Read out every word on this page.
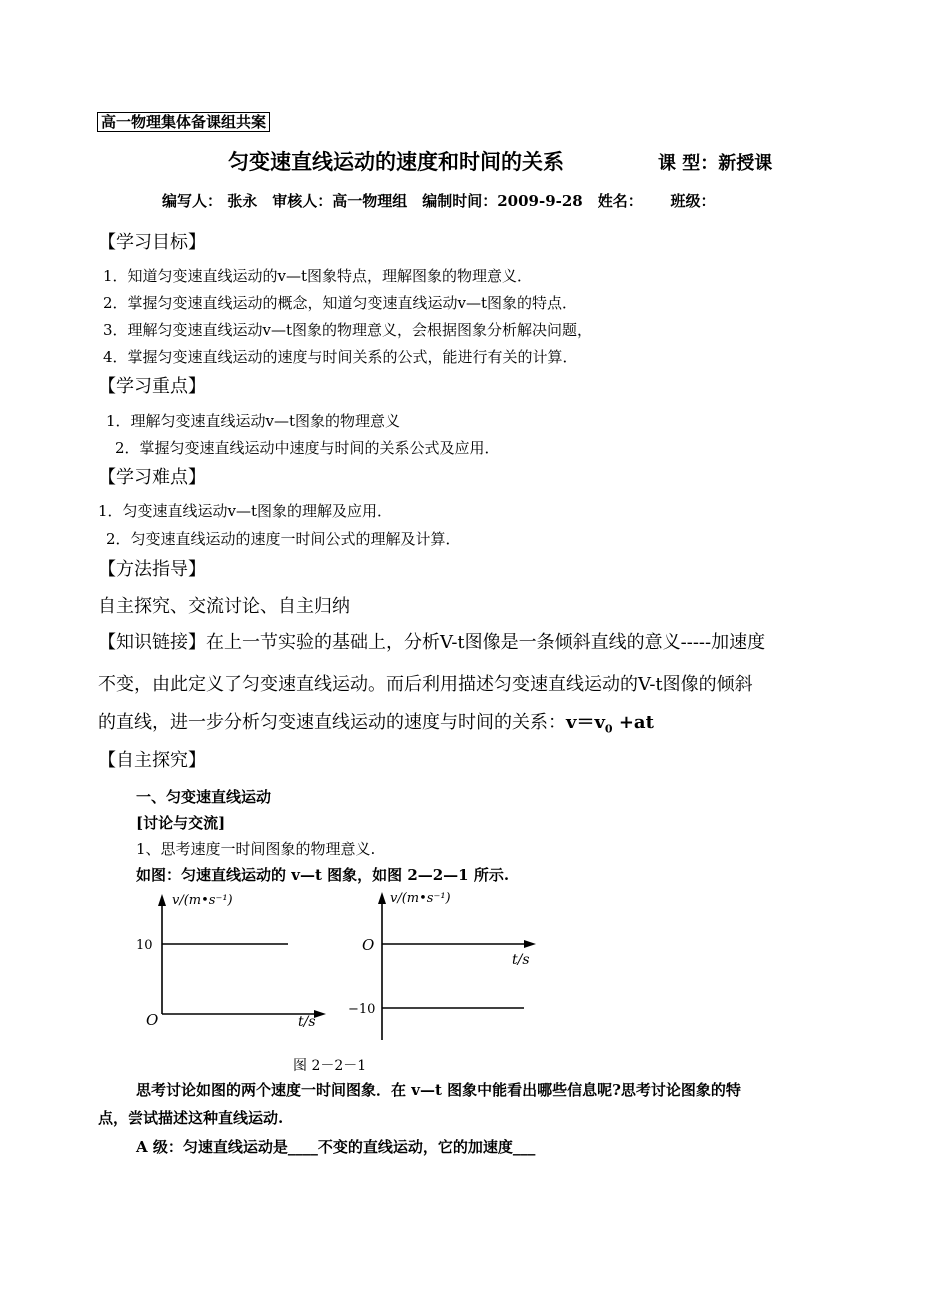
高一物理集体备课组共案
匀变速直线运动的速度和时间的关系	课 型：新授课
编写人： 张永　审核人：高一物理组　编制时间：2009-9-28　姓名：　　 班级：
【学习目标】
1．知道匀变速直线运动的v—t图象特点，理解图象的物理意义．
2．掌握匀变速直线运动的概念，知道匀变速直线运动v—t图象的特点．
3．理解匀变速直线运动v—t图象的物理意义，会根据图象分析解决问题，
4．掌握匀变速直线运动的速度与时间关系的公式，能进行有关的计算．
【学习重点】
1．理解匀变速直线运动v—t图象的物理意义
2．掌握匀变速直线运动中速度与时间的关系公式及应用．
【学习难点】
1．匀变速直线运动v—t图象的理解及应用．
2．匀变速直线运动的速度一时间公式的理解及计算．
【方法指导】
自主探究、交流讨论、自主归纳
【知识链接】在上一节实验的基础上，分析V-t图像是一条倾斜直线的意义-----加速度
不变，由此定义了匀变速直线运动。而后利用描述匀变速直线运动的V-t图像的倾斜
的直线，进一步分析匀变速直线运动的速度与时间的关系：$v=v_0 +at$
【自主探究】
一、匀变速直线运动
[讨论与交流]
1、思考速度一时间图象的物理意义.
如图：匀速直线运动的 v—t 图象，如图 2—2—1 所示.
v/(m•s⁻¹)
10
O	t/s
v/(m•s⁻¹)
O
−10
t/s
图 2－2－1
思考讨论如图的两个速度一时间图象．在 v—t 图象中能看出哪些信息呢?思考讨论图象的特
点，尝试描述这种直线运动.
A 级：匀速直线运动是____不变的直线运动，它的加速度___
